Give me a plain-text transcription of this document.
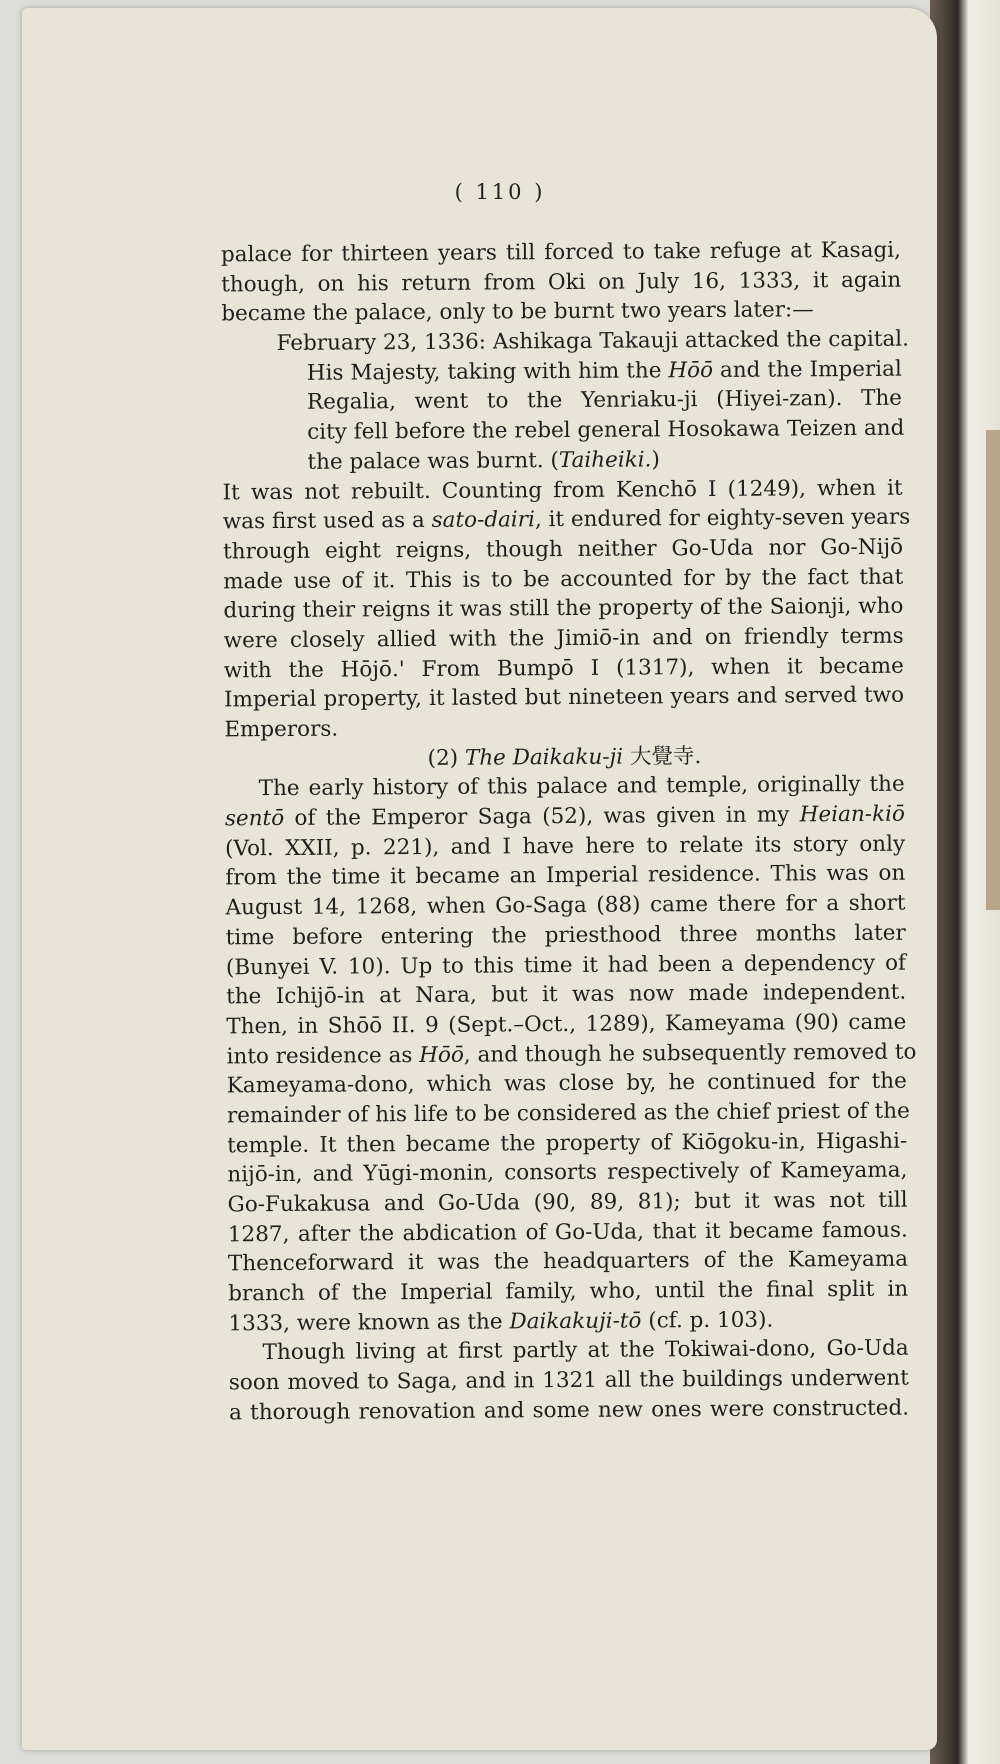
( 110 )
palace for thirteen years till forced to take refuge at Kasagi,
though, on his return from Oki on July 16, 1333, it again
became the palace, only to be burnt two years later:—
February 23, 1336: Ashikaga Takauji attacked the capital.
His Majesty, taking with him the Hōō and the Imperial
Regalia, went to the Yenriaku-ji (Hiyei-zan). The
city fell before the rebel general Hosokawa Teizen and
the palace was burnt. (Taiheiki.)
It was not rebuilt. Counting from Kenchō I (1249), when it
was first used as a sato-dairi, it endured for eighty-seven years
through eight reigns, though neither Go-Uda nor Go-Nijō
made use of it. This is to be accounted for by the fact that
during their reigns it was still the property of the Saionji, who
were closely allied with the Jimiō-in and on friendly terms
with the Hōjō.' From Bumpō I (1317), when it became
Imperial property, it lasted but nineteen years and served two
Emperors.
(2) The Daikaku-ji 大覺寺.
The early history of this palace and temple, originally the
sentō of the Emperor Saga (52), was given in my Heian-kiō
(Vol. XXII, p. 221), and I have here to relate its story only
from the time it became an Imperial residence. This was on
August 14, 1268, when Go-Saga (88) came there for a short
time before entering the priesthood three months later
(Bunyei V. 10). Up to this time it had been a dependency of
the Ichijō-in at Nara, but it was now made independent.
Then, in Shōō II. 9 (Sept.–Oct., 1289), Kameyama (90) came
into residence as Hōō, and though he subsequently removed to
Kameyama-dono, which was close by, he continued for the
remainder of his life to be considered as the chief priest of the
temple. It then became the property of Kiōgoku-in, Higashi-
nijō-in, and Yūgi-monin, consorts respectively of Kameyama,
Go-Fukakusa and Go-Uda (90, 89, 81); but it was not till
1287, after the abdication of Go-Uda, that it became famous.
Thenceforward it was the headquarters of the Kameyama
branch of the Imperial family, who, until the final split in
1333, were known as the Daikakuji-tō (cf. p. 103).
Though living at first partly at the Tokiwai-dono, Go-Uda
soon moved to Saga, and in 1321 all the buildings underwent
a thorough renovation and some new ones were constructed.
